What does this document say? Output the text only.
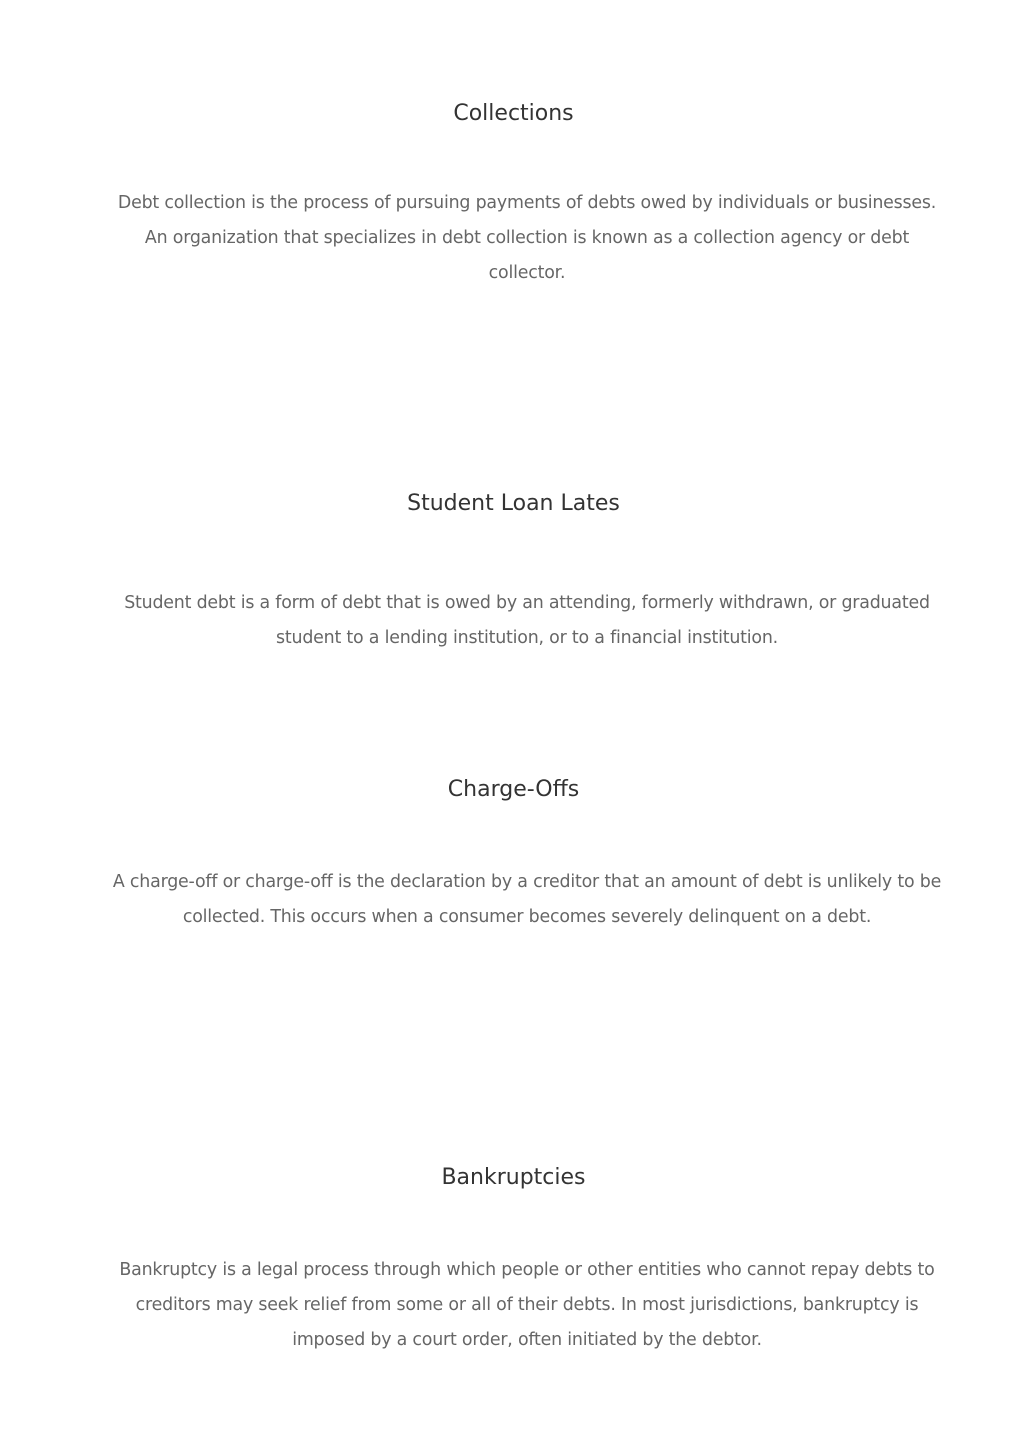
Collections

Debt collection is the process of pursuing payments of debts owed by individuals or businesses. An organization that specializes in debt collection is known as a collection agency or debt collector.

Student Loan Lates

Student debt is a form of debt that is owed by an attending, formerly withdrawn, or graduated student to a lending institution, or to a financial institution.

Charge-Offs

A charge-off or charge-off is the declaration by a creditor that an amount of debt is unlikely to be collected. This occurs when a consumer becomes severely delinquent on a debt.

Bankruptcies

Bankruptcy is a legal process through which people or other entities who cannot repay debts to creditors may seek relief from some or all of their debts. In most jurisdictions, bankruptcy is imposed by a court order, often initiated by the debtor.
